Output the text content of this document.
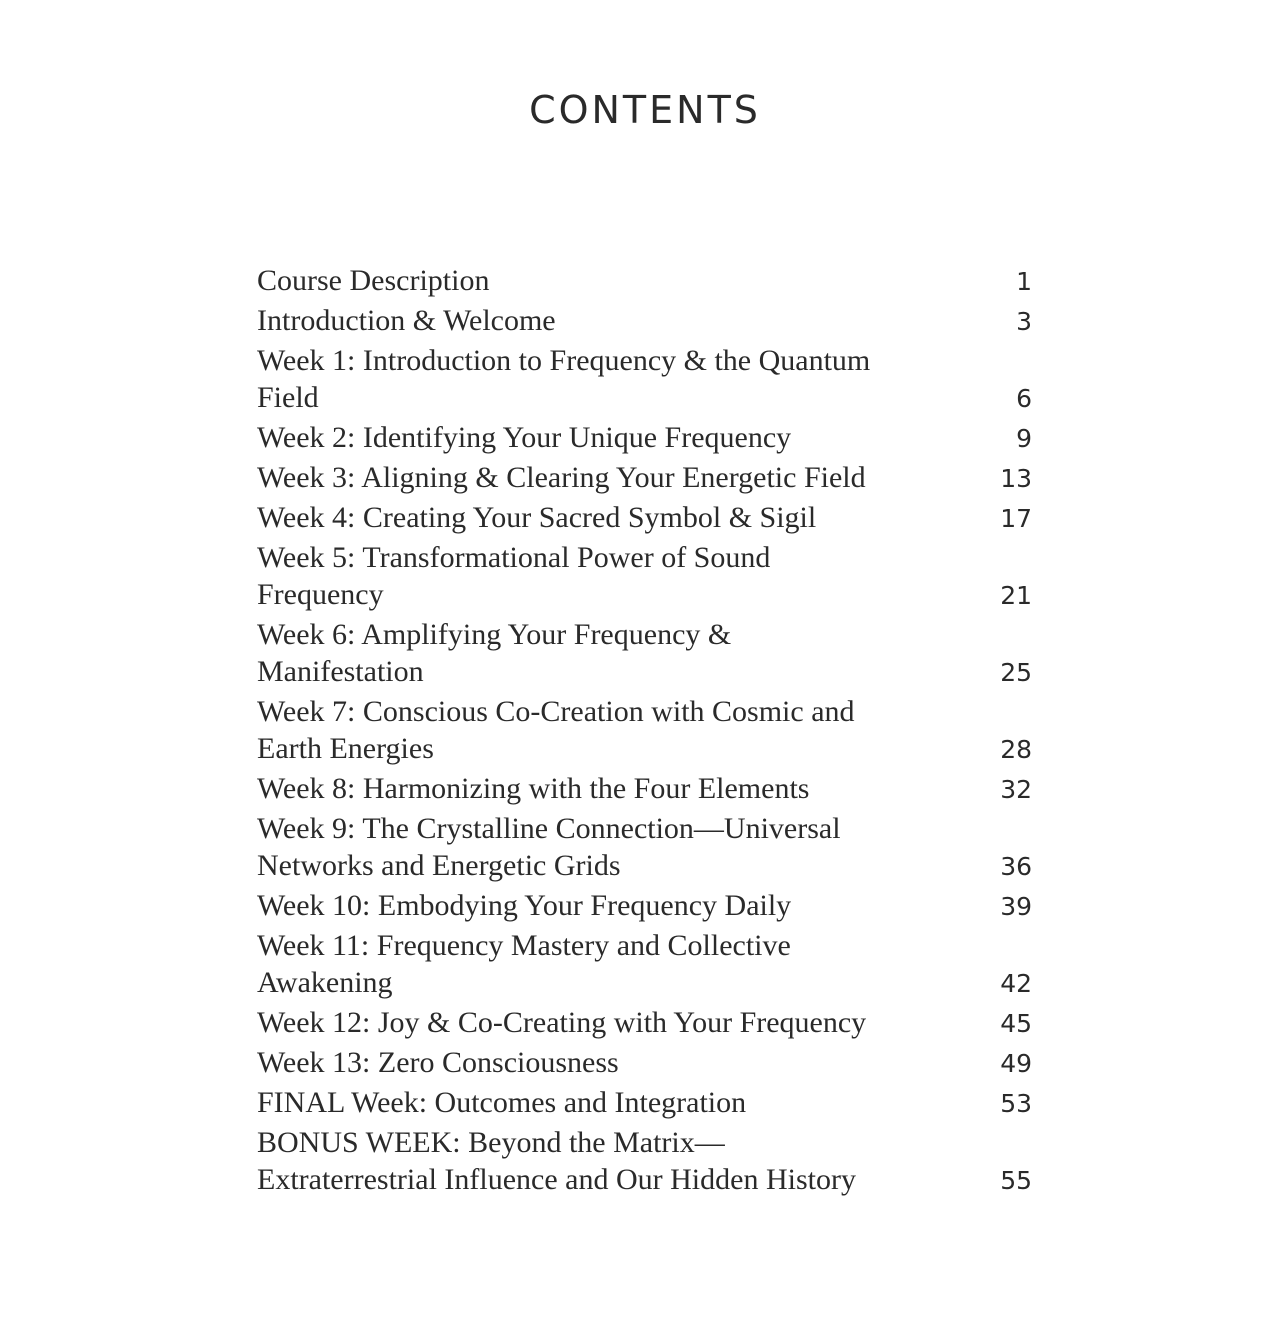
CONTENTS
Course Description	1
Introduction & Welcome	3
Week 1: Introduction to Frequency & the Quantum Field	6
Week 2: Identifying Your Unique Frequency	9
Week 3: Aligning & Clearing Your Energetic Field	13
Week 4: Creating Your Sacred Symbol & Sigil	17
Week 5: Transformational Power of Sound Frequency	21
Week 6: Amplifying Your Frequency & Manifestation	25
Week 7: Conscious Co-Creation with Cosmic and Earth Energies	28
Week 8: Harmonizing with the Four Elements	32
Week 9: The Crystalline Connection—Universal Networks and Energetic Grids	36
Week 10: Embodying Your Frequency Daily	39
Week 11: Frequency Mastery and Collective Awakening	42
Week 12: Joy & Co-Creating with Your Frequency	45
Week 13: Zero Consciousness	49
FINAL Week: Outcomes and Integration	53
BONUS WEEK: Beyond the Matrix—Extraterrestrial Influence and Our Hidden History	55
